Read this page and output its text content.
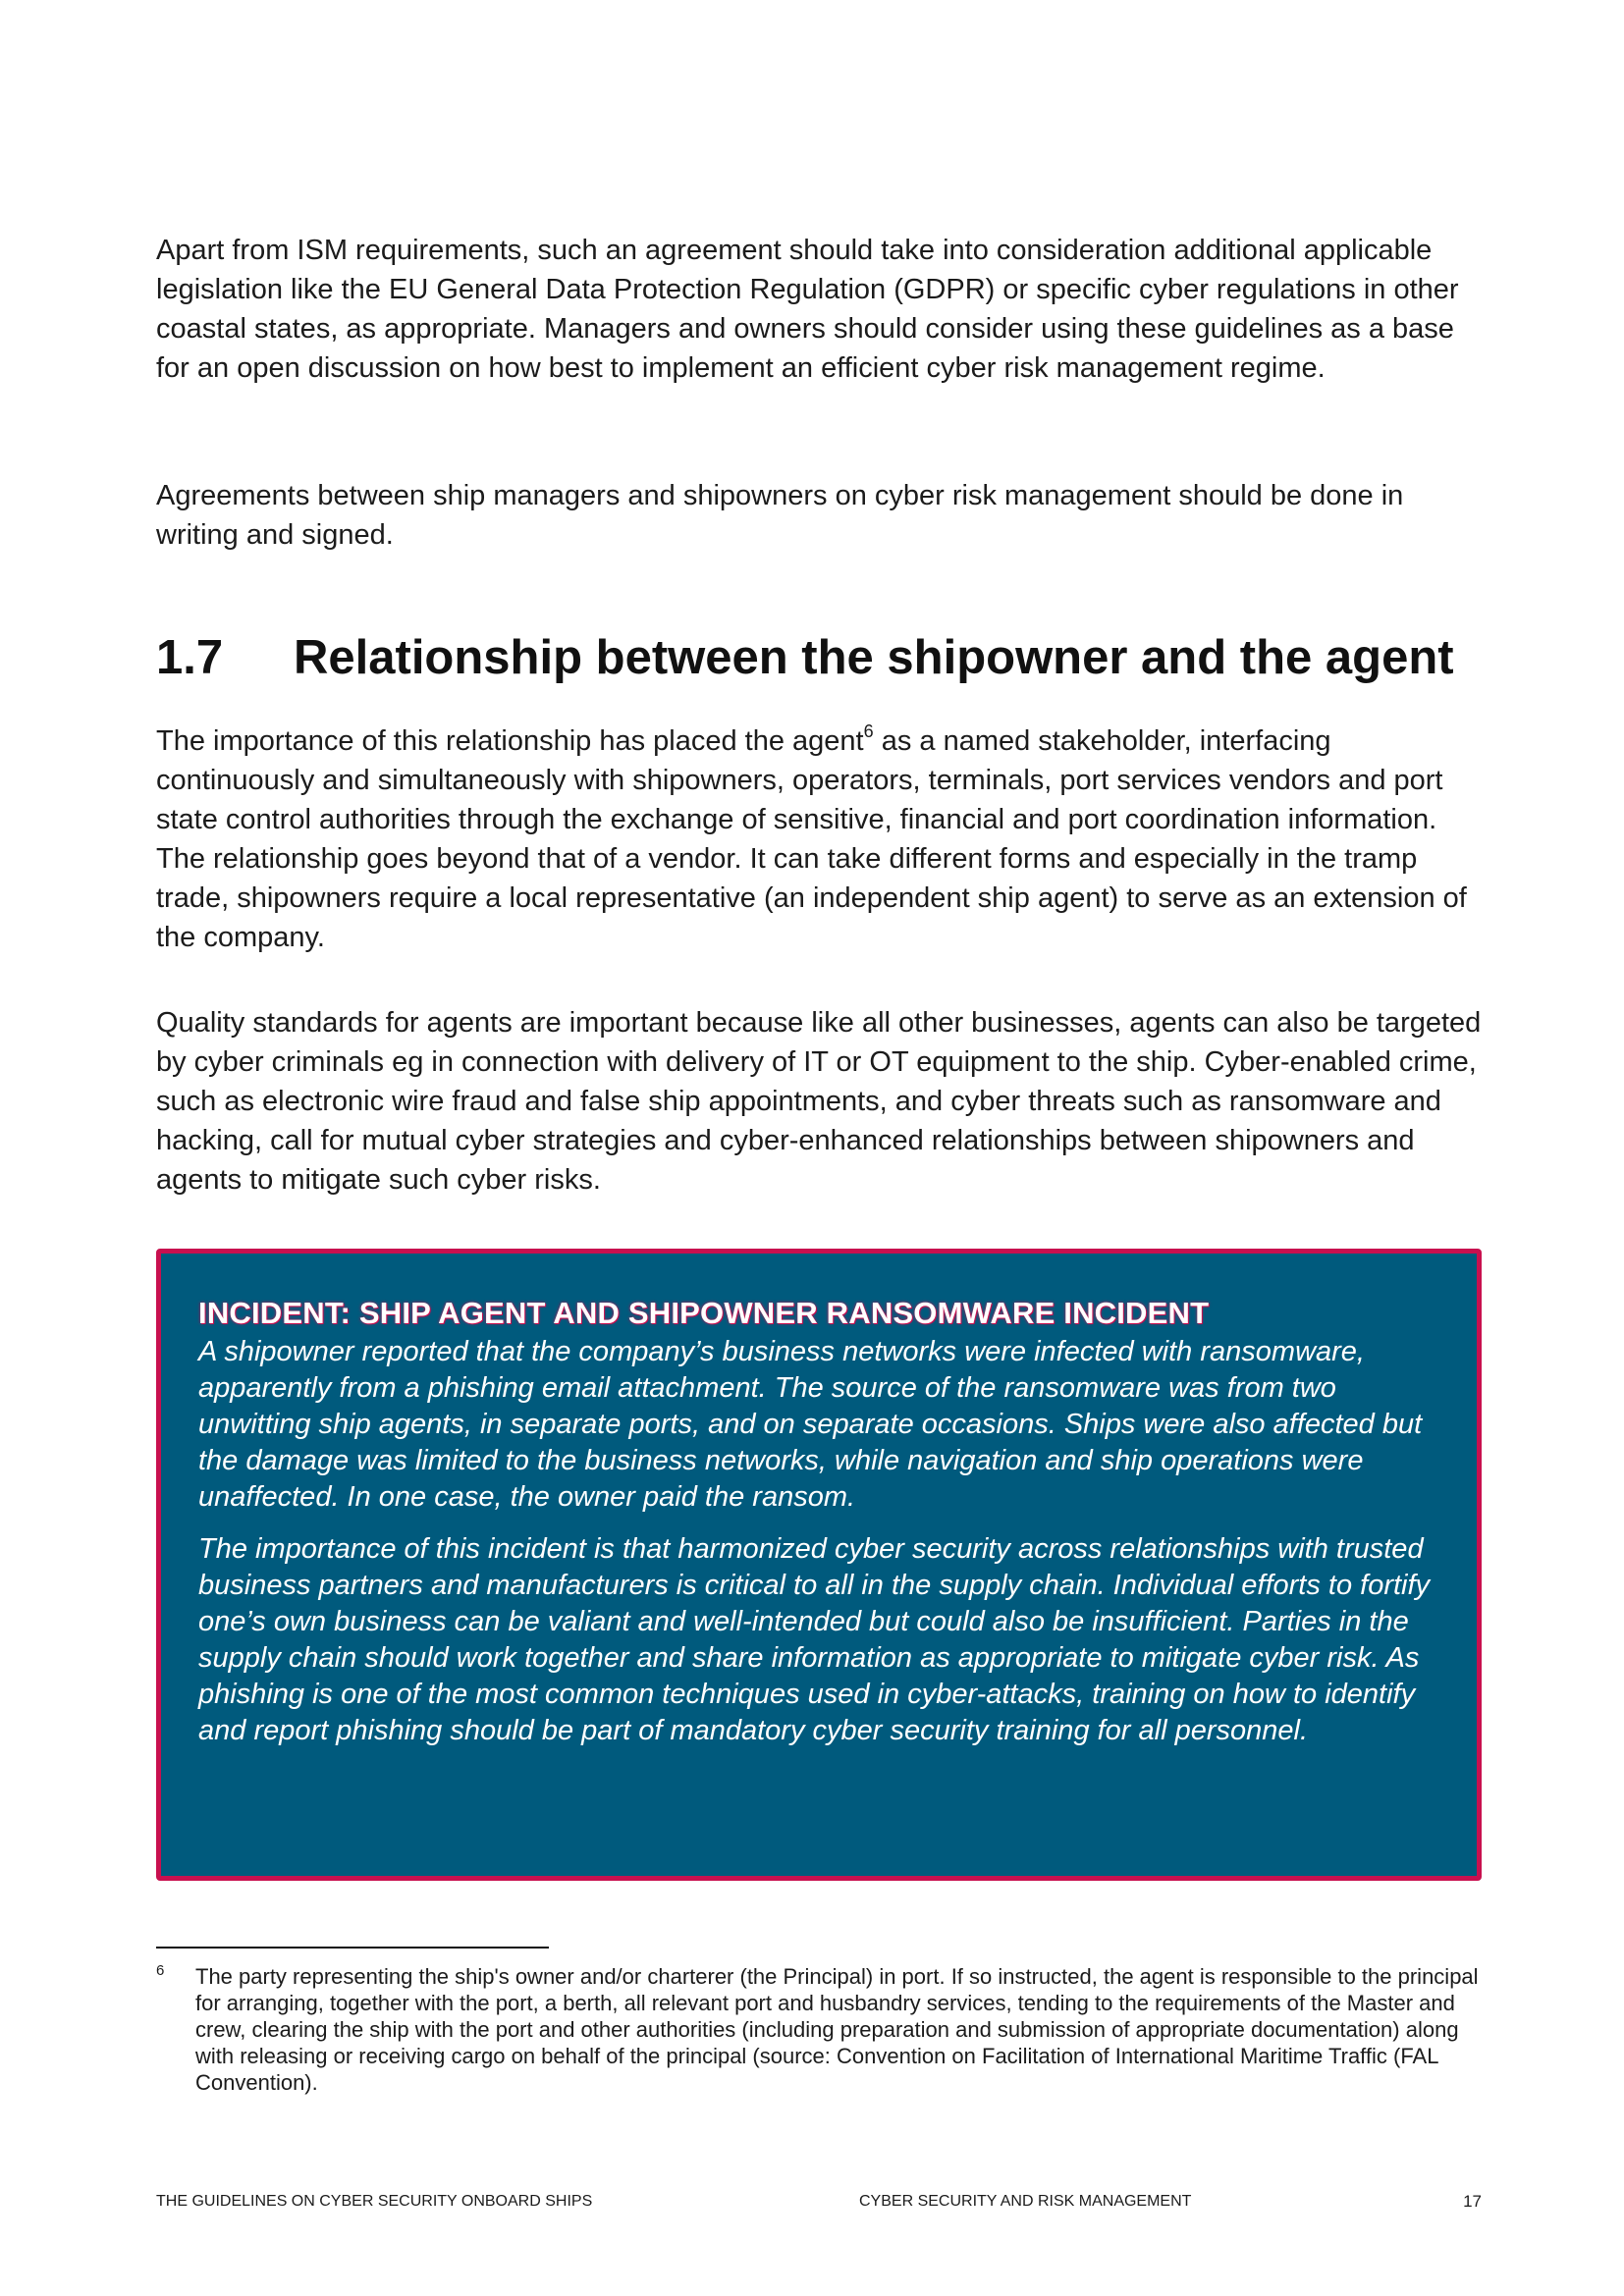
Apart from ISM requirements, such an agreement should take into consideration additional applicable legislation like the EU General Data Protection Regulation (GDPR) or specific cyber regulations in other coastal states, as appropriate. Managers and owners should consider using these guidelines as a base for an open discussion on how best to implement an efficient cyber risk management regime.

Agreements between ship managers and shipowners on cyber risk management should be done in writing and signed.

1.7 Relationship between the shipowner and the agent

The importance of this relationship has placed the agent$^6$ as a named stakeholder, interfacing continuously and simultaneously with shipowners, operators, terminals, port services vendors and port state control authorities through the exchange of sensitive, financial and port coordination information. The relationship goes beyond that of a vendor. It can take different forms and especially in the tramp trade, shipowners require a local representative (an independent ship agent) to serve as an extension of the company.

Quality standards for agents are important because like all other businesses, agents can also be targeted by cyber criminals eg in connection with delivery of IT or OT equipment to the ship. Cyber-enabled crime, such as electronic wire fraud and false ship appointments, and cyber threats such as ransomware and hacking, call for mutual cyber strategies and cyber-enhanced relationships between shipowners and agents to mitigate such cyber risks.

INCIDENT: SHIP AGENT AND SHIPOWNER RANSOMWARE INCIDENT

A shipowner reported that the company’s business networks were infected with ransomware, apparently from a phishing email attachment. The source of the ransomware was from two unwitting ship agents, in separate ports, and on separate occasions. Ships were also affected but the damage was limited to the business networks, while navigation and ship operations were unaffected. In one case, the owner paid the ransom.

The importance of this incident is that harmonized cyber security across relationships with trusted business partners and manufacturers is critical to all in the supply chain. Individual efforts to fortify one’s own business can be valiant and well-intended but could also be insufficient. Parties in the supply chain should work together and share information as appropriate to mitigate cyber risk. As phishing is one of the most common techniques used in cyber-attacks, training on how to identify and report phishing should be part of mandatory cyber security training for all personnel.

6 The party representing the ship's owner and/or charterer (the Principal) in port. If so instructed, the agent is responsible to the principal for arranging, together with the port, a berth, all relevant port and husbandry services, tending to the requirements of the Master and crew, clearing the ship with the port and other authorities (including preparation and submission of appropriate documentation) along with releasing or receiving cargo on behalf of the principal (source: Convention on Facilitation of International Maritime Traffic (FAL Convention).
THE GUIDELINES ON CYBER SECURITY ONBOARD SHIPS	CYBER SECURITY AND RISK MANAGEMENT	17
